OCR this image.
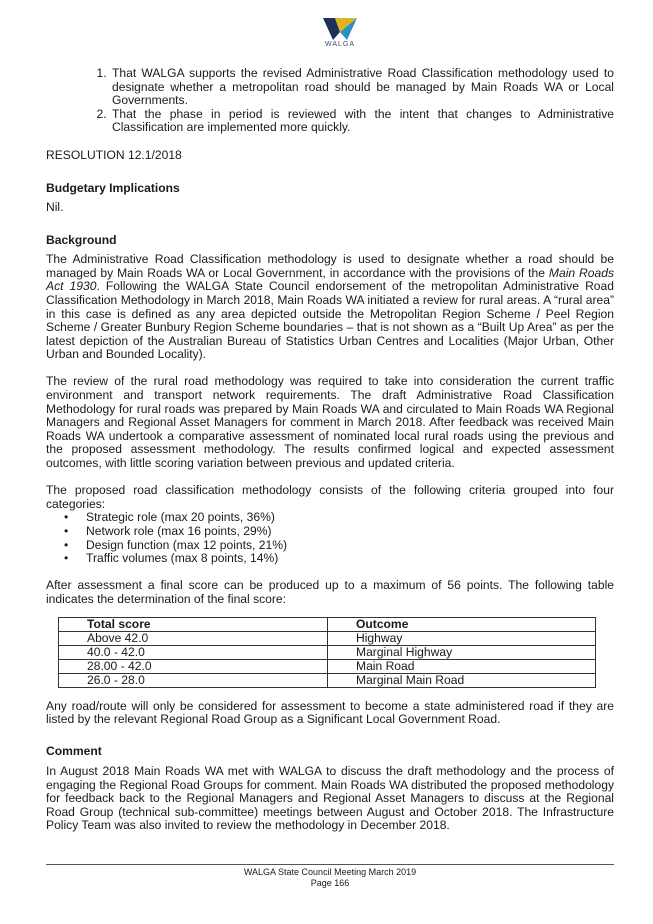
WALGA
1. That WALGA supports the revised Administrative Road Classification methodology used to designate whether a metropolitan road should be managed by Main Roads WA or Local Governments.
2. That the phase in period is reviewed with the intent that changes to Administrative Classification are implemented more quickly.

RESOLUTION 12.1/2018

Budgetary Implications

Nil.

Background

The Administrative Road Classification methodology is used to designate whether a road should be managed by Main Roads WA or Local Government, in accordance with the provisions of the Main Roads Act 1930. Following the WALGA State Council endorsement of the metropolitan Administrative Road Classification Methodology in March 2018, Main Roads WA initiated a review for rural areas. A “rural area” in this case is defined as any area depicted outside the Metropolitan Region Scheme / Peel Region Scheme / Greater Bunbury Region Scheme boundaries – that is not shown as a “Built Up Area” as per the latest depiction of the Australian Bureau of Statistics Urban Centres and Localities (Major Urban, Other Urban and Bounded Locality).

The review of the rural road methodology was required to take into consideration the current traffic environment and transport network requirements. The draft Administrative Road Classification Methodology for rural roads was prepared by Main Roads WA and circulated to Main Roads WA Regional Managers and Regional Asset Managers for comment in March 2018. After feedback was received Main Roads WA undertook a comparative assessment of nominated local rural roads using the previous and the proposed assessment methodology. The results confirmed logical and expected assessment outcomes, with little scoring variation between previous and updated criteria.

The proposed road classification methodology consists of the following criteria grouped into four categories:

• Strategic role (max 20 points, 36%)
• Network role (max 16 points, 29%)
• Design function (max 12 points, 21%)
• Traffic volumes (max 8 points, 14%)

After assessment a final score can be produced up to a maximum of 56 points. The following table indicates the determination of the final score:

Total score	Outcome
Above 42.0	Highway
40.0 - 42.0	Marginal Highway
28.00 - 42.0	Main Road
26.0 - 28.0	Marginal Main Road

Any road/route will only be considered for assessment to become a state administered road if they are listed by the relevant Regional Road Group as a Significant Local Government Road.

Comment

In August 2018 Main Roads WA met with WALGA to discuss the draft methodology and the process of engaging the Regional Road Groups for comment. Main Roads WA distributed the proposed methodology for feedback back to the Regional Managers and Regional Asset Managers to discuss at the Regional Road Group (technical sub-committee) meetings between August and October 2018. The Infrastructure Policy Team was also invited to review the methodology in December 2018.

WALGA State Council Meeting March 2019
Page 166
